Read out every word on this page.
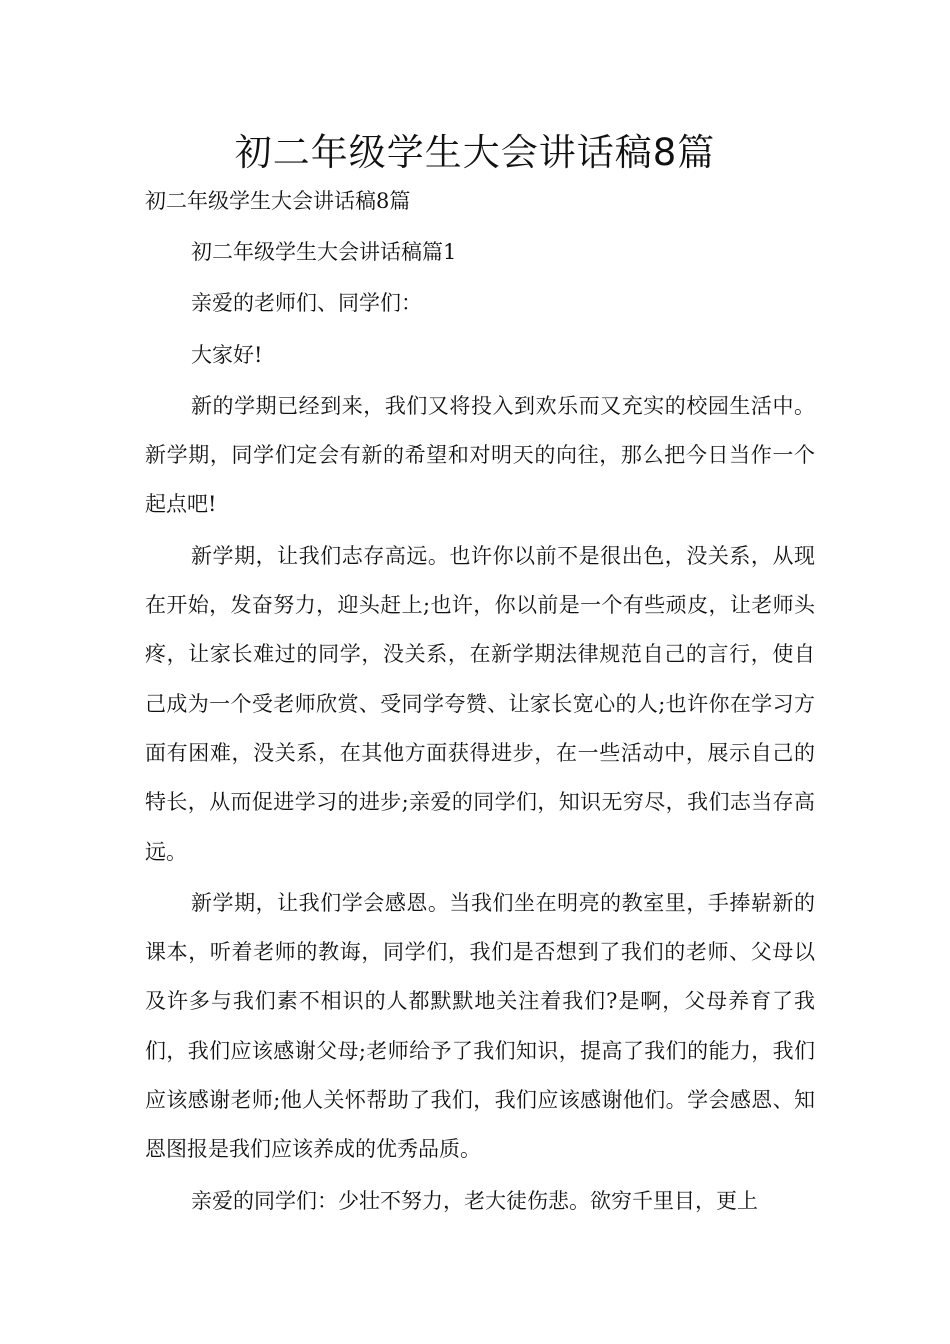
初二年级学生大会讲话稿8篇

初二年级学生大会讲话稿8篇

初二年级学生大会讲话稿篇1

亲爱的老师们、同学们：

大家好!

新的学期已经到来，我们又将投入到欢乐而又充实的校园生活中。新学期，同学们定会有新的希望和对明天的向往，那么把今日当作一个起点吧!

新学期，让我们志存高远。也许你以前不是很出色，没关系，从现在开始，发奋努力，迎头赶上;也许，你以前是一个有些顽皮，让老师头疼，让家长难过的同学，没关系，在新学期法律规范自己的言行，使自己成为一个受老师欣赏、受同学夸赞、让家长宽心的人;也许你在学习方面有困难，没关系，在其他方面获得进步，在一些活动中，展示自己的特长，从而促进学习的进步;亲爱的同学们，知识无穷尽，我们志当存高远。

新学期，让我们学会感恩。当我们坐在明亮的教室里，手捧崭新的课本，听着老师的教诲，同学们，我们是否想到了我们的老师、父母以及许多与我们素不相识的人都默默地关注着我们?是啊，父母养育了我们，我们应该感谢父母;老师给予了我们知识，提高了我们的能力，我们应该感谢老师;他人关怀帮助了我们，我们应该感谢他们。学会感恩、知恩图报是我们应该养成的优秀品质。

亲爱的同学们：少壮不努力，老大徒伤悲。欲穷千里目，更上
